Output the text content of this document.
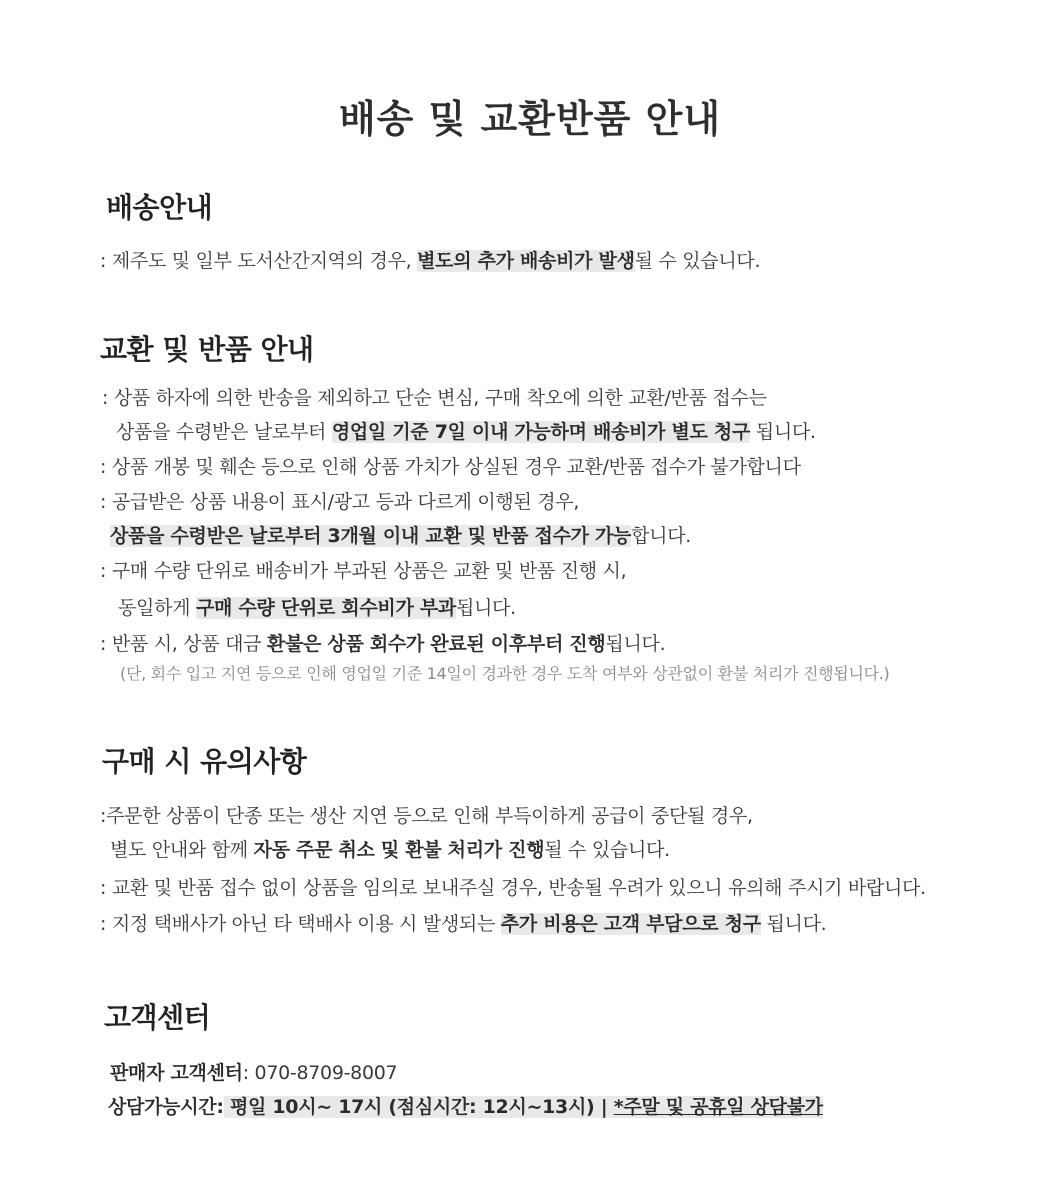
배송 및 교환반품 안내
배송안내
: 제주도 및 일부 도서산간지역의 경우, 별도의 추가 배송비가 발생될 수 있습니다.
교환 및 반품 안내
: 상품 하자에 의한 반송을 제외하고 단순 변심, 구매 착오에 의한 교환/반품 접수는
상품을 수령받은 날로부터 영업일 기준 7일 이내 가능하며 배송비가 별도 청구 됩니다.
: 상품 개봉 및 훼손 등으로 인해 상품 가치가 상실된 경우 교환/반품 접수가 불가합니다
: 공급받은 상품 내용이 표시/광고 등과 다르게 이행된 경우,
상품을 수령받은 날로부터 3개월 이내 교환 및 반품 접수가 가능합니다.
: 구매 수량 단위로 배송비가 부과된 상품은 교환 및 반품 진행 시,
동일하게 구매 수량 단위로 회수비가 부과됩니다.
: 반품 시, 상품 대금 환불은 상품 회수가 완료된 이후부터 진행됩니다.
(단, 회수 입고 지연 등으로 인해 영업일 기준 14일이 경과한 경우 도착 여부와 상관없이 환불 처리가 진행됩니다.)
구매 시 유의사항
:주문한 상품이 단종 또는 생산 지연 등으로 인해 부득이하게 공급이 중단될 경우,
별도 안내와 함께 자동 주문 취소 및 환불 처리가 진행될 수 있습니다.
: 교환 및 반품 접수 없이 상품을 임의로 보내주실 경우, 반송될 우려가 있으니 유의해 주시기 바랍니다.
: 지정 택배사가 아닌 타 택배사 이용 시 발생되는 추가 비용은 고객 부담으로 청구 됩니다.
고객센터
판매자 고객센터: 070-8709-8007
상담가능시간: 평일 10시~ 17시 (점심시간: 12시~13시) | *주말 및 공휴일 상담불가
